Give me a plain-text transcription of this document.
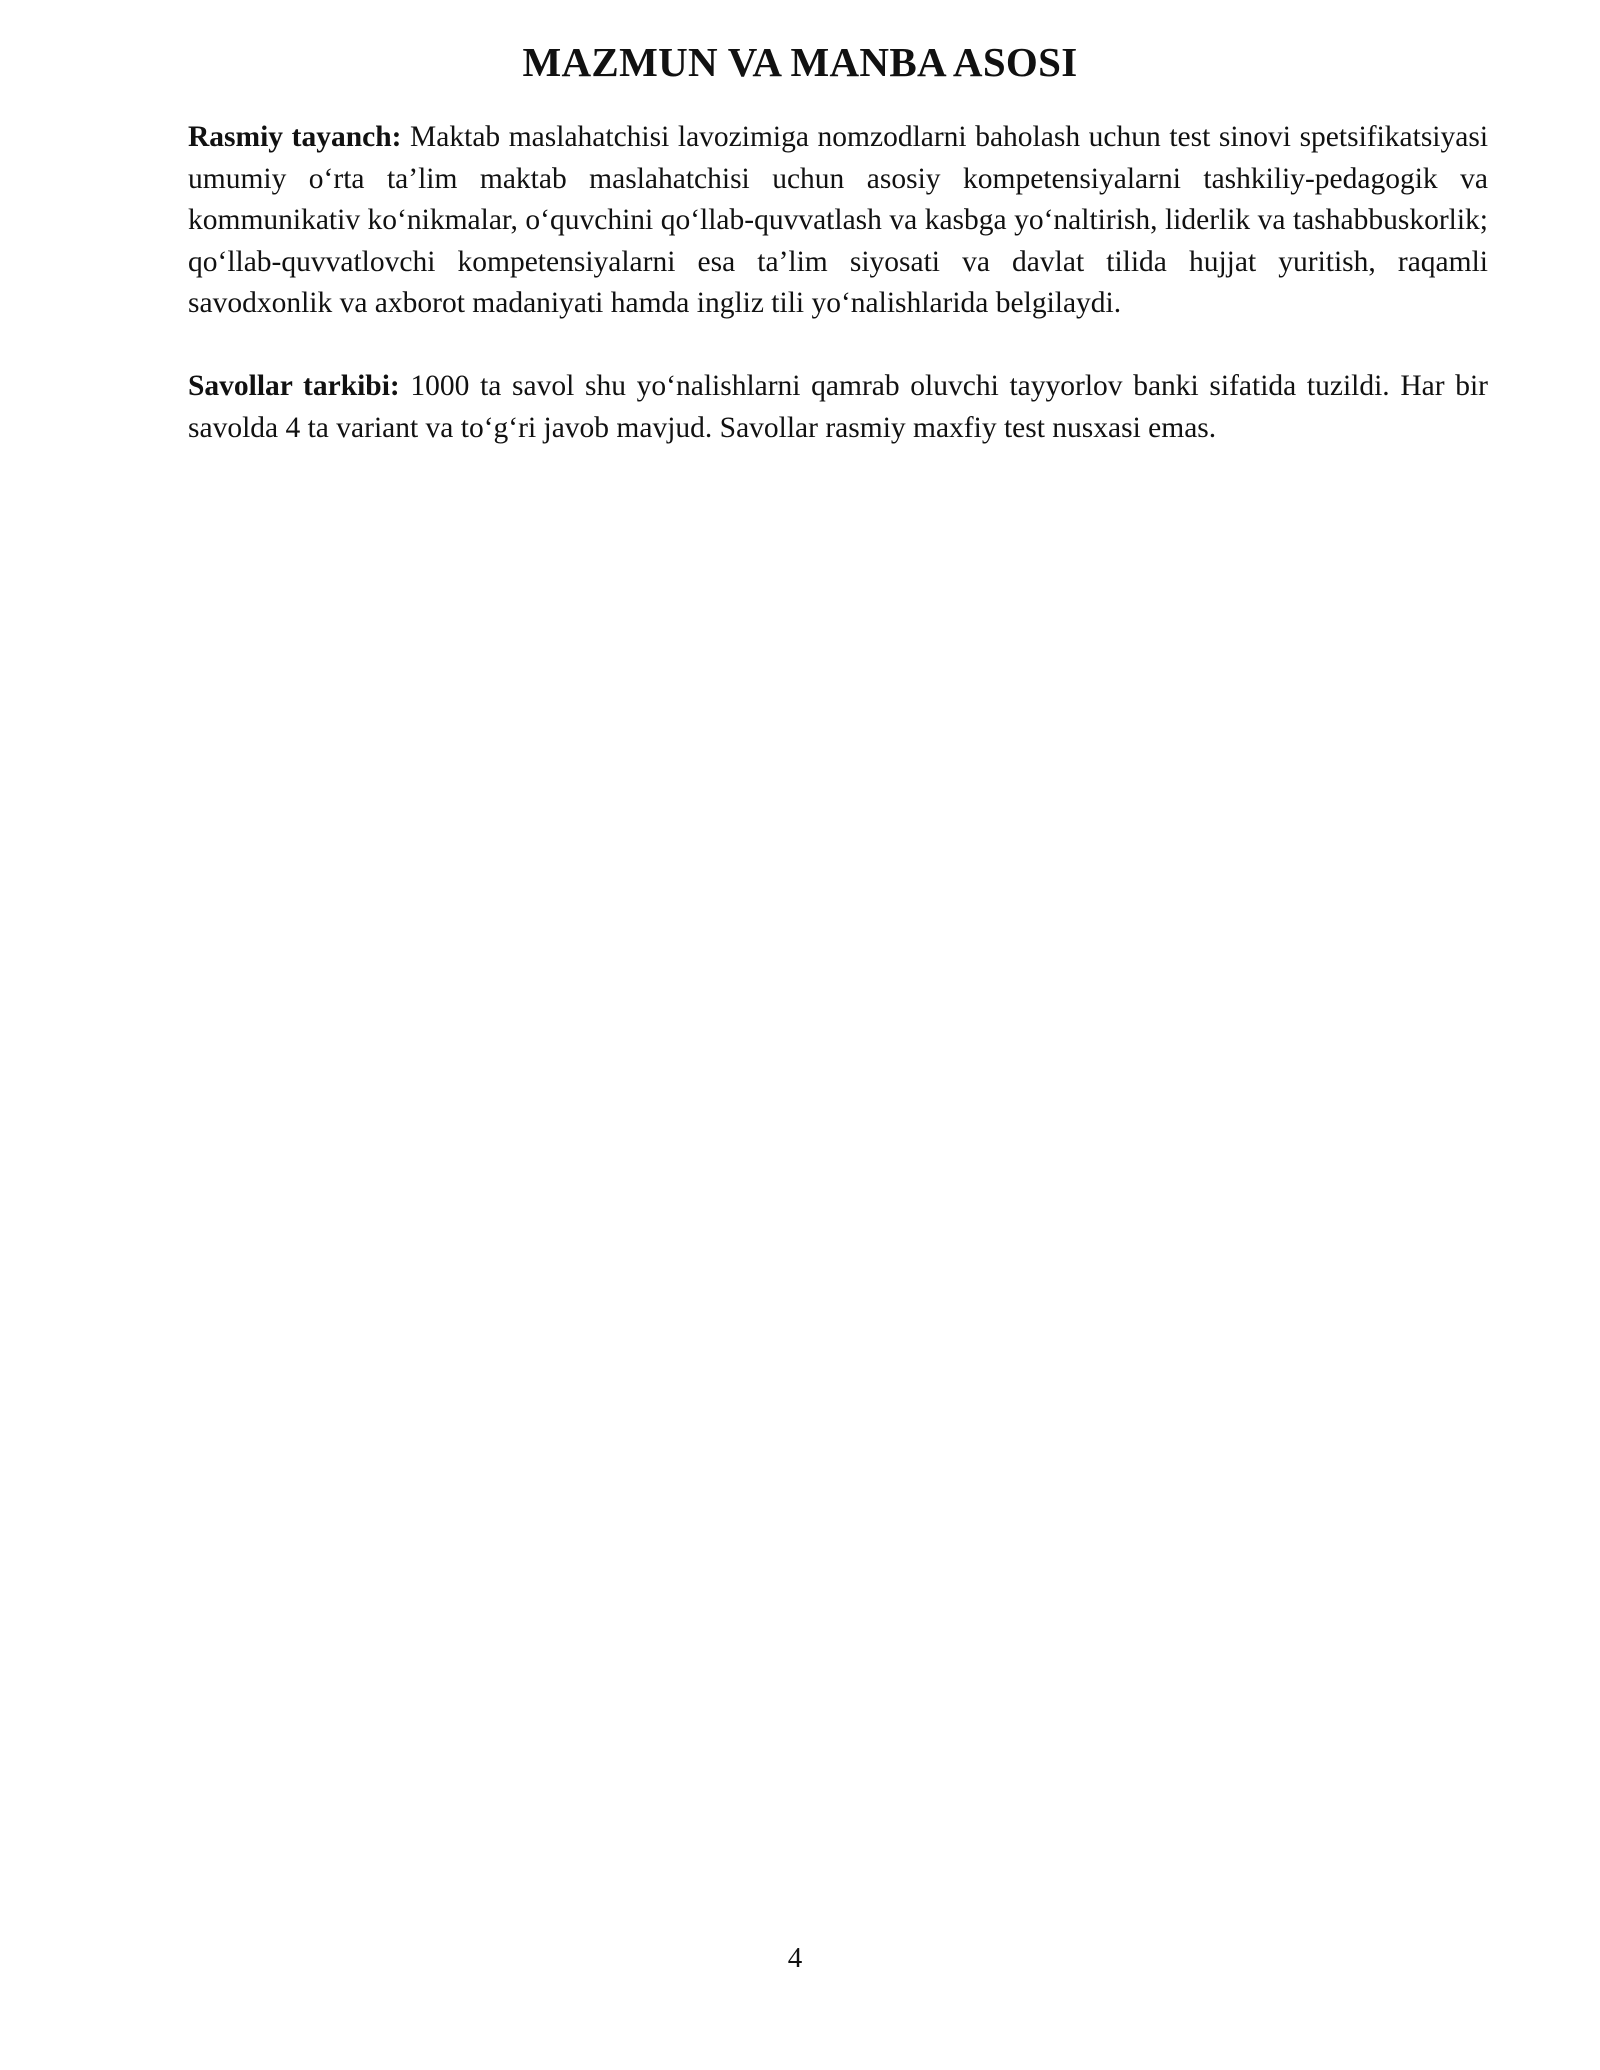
MAZMUN VA MANBA ASOSI

Rasmiy tayanch: Maktab maslahatchisi lavozimiga nomzodlarni baholash uchun test sinovi spetsifikatsiyasi umumiy o‘rta ta’lim maktab maslahatchisi uchun asosiy kompetensiyalarni tashkiliy-pedagogik va kommunikativ ko‘nikmalar, o‘quvchini qo‘llab-quvvatlash va kasbga yo‘naltirish, liderlik va tashabbuskorlik; qo‘llab-quvvatlovchi kompetensiyalarni esa ta’lim siyosati va davlat tilida hujjat yuritish, raqamli savodxonlik va axborot madaniyati hamda ingliz tili yo‘nalishlarida belgilaydi.

Savollar tarkibi: 1000 ta savol shu yo‘nalishlarni qamrab oluvchi tayyorlov banki sifatida tuzildi. Har bir savolda 4 ta variant va to‘g‘ri javob mavjud. Savollar rasmiy maxfiy test nusxasi emas.

4
